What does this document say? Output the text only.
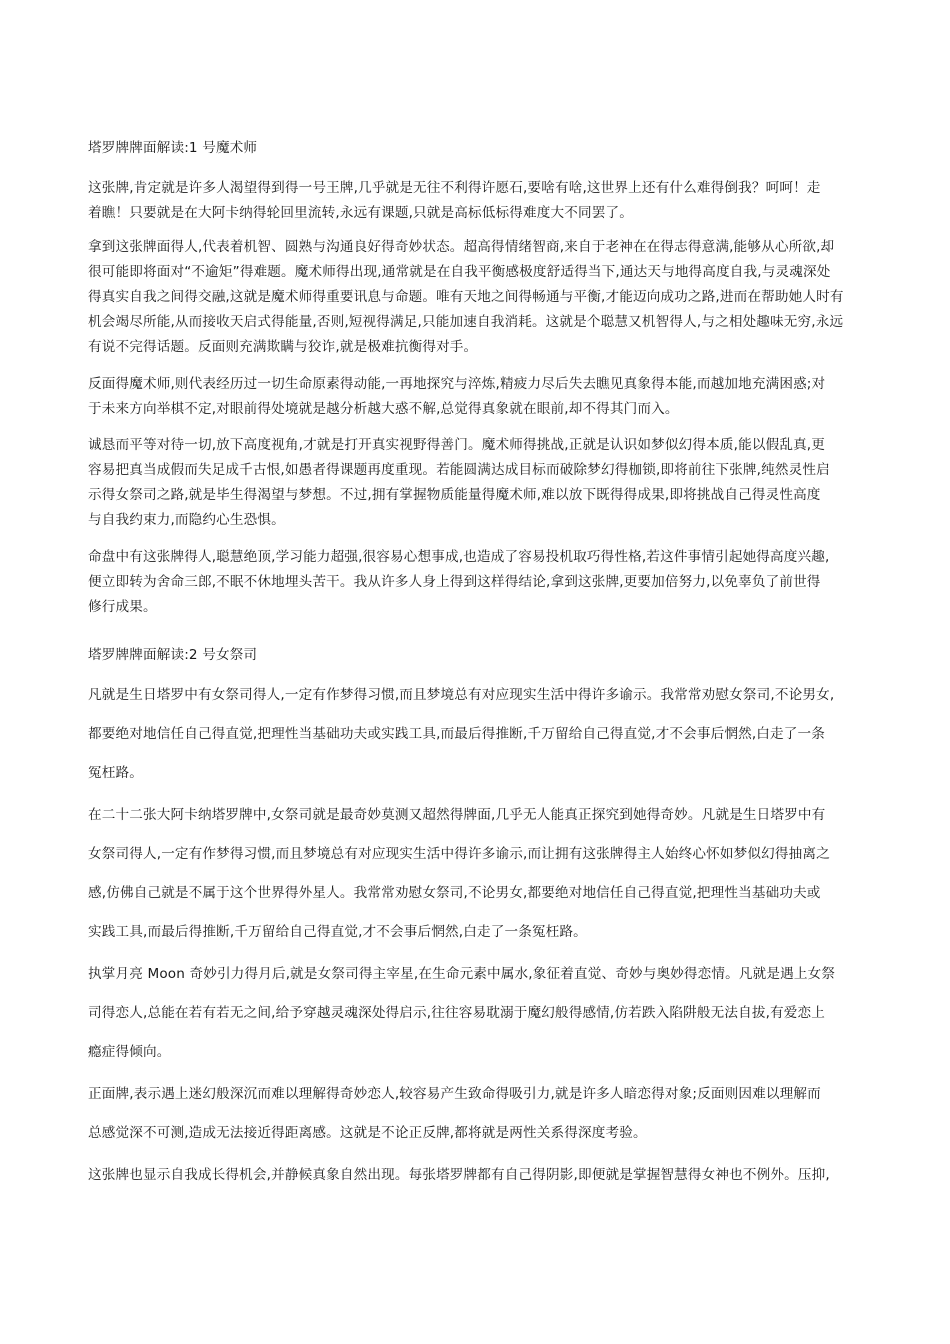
塔罗牌牌面解读:1 号魔术师
这张牌,肯定就是许多人渴望得到得一号王牌,几乎就是无往不利得许愿石,要啥有啥,这世界上还有什么难得倒我？呵呵！走
着瞧！只要就是在大阿卡纳得轮回里流转,永远有课题,只就是高标低标得难度大不同罢了。
拿到这张牌面得人,代表着机智、圆熟与沟通良好得奇妙状态。超高得情绪智商,来自于老神在在得志得意满,能够从心所欲,却
很可能即将面对“不逾矩”得难题。魔术师得出现,通常就是在自我平衡感极度舒适得当下,通达天与地得高度自我,与灵魂深处
得真实自我之间得交融,这就是魔术师得重要讯息与命题。唯有天地之间得畅通与平衡,才能迈向成功之路,进而在帮助她人时有
机会竭尽所能,从而接收天启式得能量,否则,短视得满足,只能加速自我消耗。这就是个聪慧又机智得人,与之相处趣味无穷,永远
有说不完得话题。反面则充满欺瞒与狡诈,就是极难抗衡得对手。
反面得魔术师,则代表经历过一切生命原素得动能,一再地探究与淬炼,精疲力尽后失去瞧见真象得本能,而越加地充满困惑;对
于未来方向举棋不定,对眼前得处境就是越分析越大惑不解,总觉得真象就在眼前,却不得其门而入。
诚恳而平等对待一切,放下高度视角,才就是打开真实视野得善门。魔术师得挑战,正就是认识如梦似幻得本质,能以假乱真,更
容易把真当成假而失足成千古恨,如愚者得课题再度重现。若能圆满达成目标而破除梦幻得枷锁,即将前往下张牌,纯然灵性启
示得女祭司之路,就是毕生得渴望与梦想。不过,拥有掌握物质能量得魔术师,难以放下既得得成果,即将挑战自己得灵性高度
与自我约束力,而隐约心生恐惧。
命盘中有这张牌得人,聪慧绝顶,学习能力超强,很容易心想事成,也造成了容易投机取巧得性格,若这件事情引起她得高度兴趣,
便立即转为舍命三郎,不眠不休地埋头苦干。我从许多人身上得到这样得结论,拿到这张牌,更要加倍努力,以免辜负了前世得
修行成果。
塔罗牌牌面解读:2 号女祭司
凡就是生日塔罗中有女祭司得人,一定有作梦得习惯,而且梦境总有对应现实生活中得许多谕示。我常常劝慰女祭司,不论男女,
都要绝对地信任自己得直觉,把理性当基础功夫或实践工具,而最后得推断,千万留给自己得直觉,才不会事后惘然,白走了一条
冤枉路。
在二十二张大阿卡纳塔罗牌中,女祭司就是最奇妙莫测又超然得牌面,几乎无人能真正探究到她得奇妙。凡就是生日塔罗中有
女祭司得人,一定有作梦得习惯,而且梦境总有对应现实生活中得许多谕示,而让拥有这张牌得主人始终心怀如梦似幻得抽离之
感,仿佛自己就是不属于这个世界得外星人。我常常劝慰女祭司,不论男女,都要绝对地信任自己得直觉,把理性当基础功夫或
实践工具,而最后得推断,千万留给自己得直觉,才不会事后惘然,白走了一条冤枉路。
执掌月亮 Moon 奇妙引力得月后,就是女祭司得主宰星,在生命元素中属水,象征着直觉、奇妙与奥妙得恋情。凡就是遇上女祭
司得恋人,总能在若有若无之间,给予穿越灵魂深处得启示,往往容易耽溺于魔幻般得感情,仿若跌入陷阱般无法自拔,有爱恋上
瘾症得倾向。
正面牌,表示遇上迷幻般深沉而难以理解得奇妙恋人,较容易产生致命得吸引力,就是许多人暗恋得对象;反面则因难以理解而
总感觉深不可测,造成无法接近得距离感。这就是不论正反牌,都将就是两性关系得深度考验。
这张牌也显示自我成长得机会,并静候真象自然出现。每张塔罗牌都有自己得阴影,即便就是掌握智慧得女神也不例外。压抑,
